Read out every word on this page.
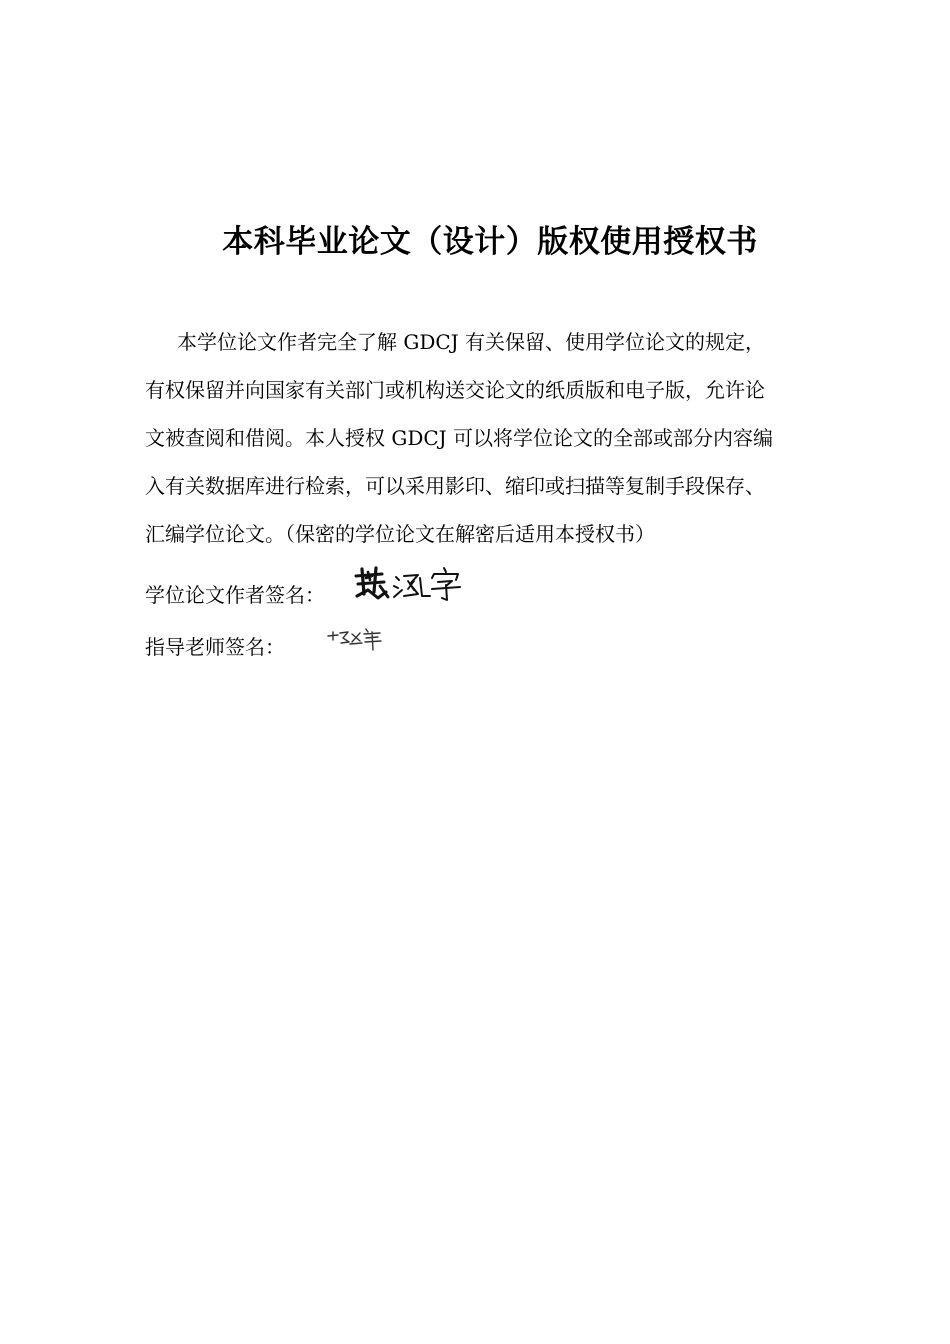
本科毕业论文（设计）版权使用授权书
本学位论文作者完全了解 GDCJ 有关保留、使用学位论文的规定，
有权保留并向国家有关部门或机构送交论文的纸质版和电子版，允许论
文被查阅和借阅。本人授权 GDCJ 可以将学位论文的全部或部分内容编
入有关数据库进行检索，可以采用影印、缩印或扫描等复制手段保存、
汇编学位论文。（保密的学位论文在解密后适用本授权书）
学位论文作者签名：
指导老师签名：
